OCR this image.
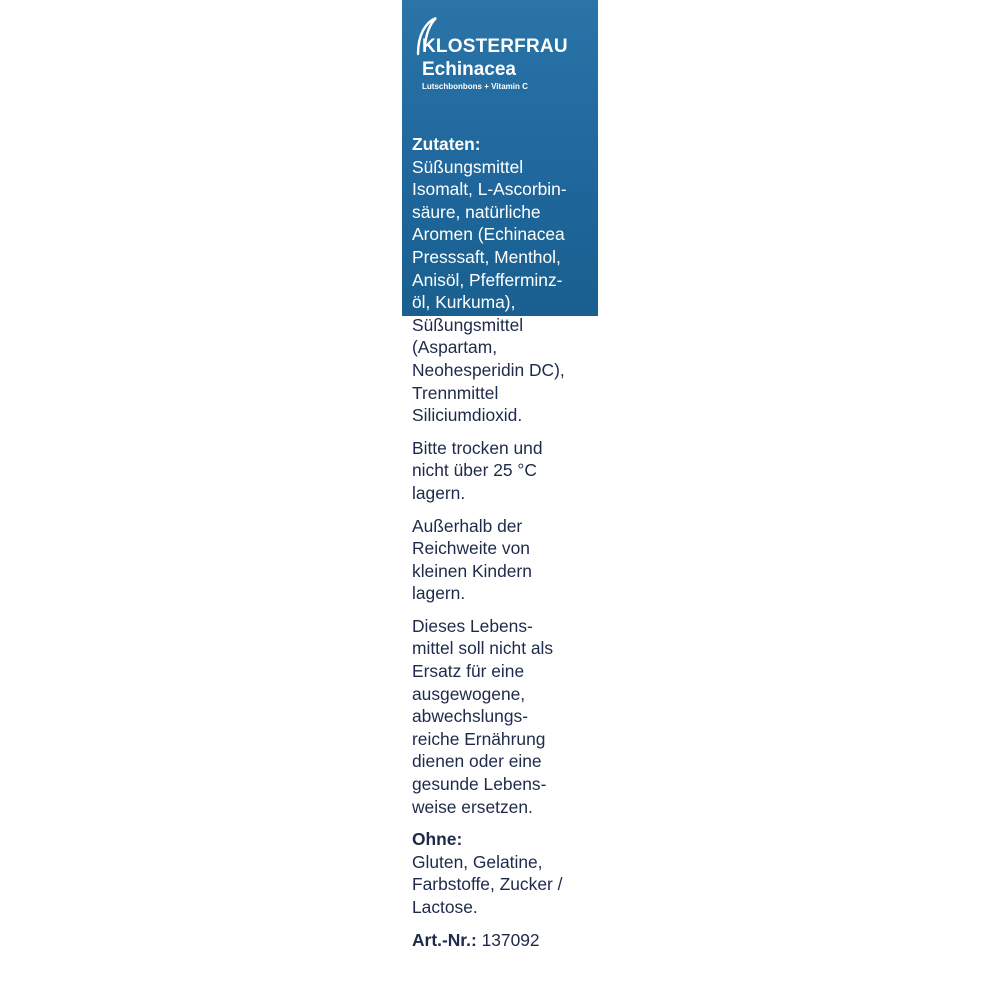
KLOSTERFRAU
Echinacea
Lutschbonbons + Vitamin C
Zutaten:
Süßungsmittel
Isomalt, L-Ascorbin-
säure, natürliche
Aromen (Echinacea
Presssaft, Menthol,
Anisöl, Pfefferminz-
öl, Kurkuma),
Süßungsmittel
(Aspartam,
Neohesperidin DC),
Trennmittel
Siliciumdioxid.
Bitte trocken und
nicht über 25 °C
lagern.
Außerhalb der
Reichweite von
kleinen Kindern
lagern.
Dieses Lebens-
mittel soll nicht als
Ersatz für eine
ausgewogene,
abwechslungs-
reiche Ernährung
dienen oder eine
gesunde Lebens-
weise ersetzen.
Ohne:
Gluten, Gelatine,
Farbstoffe, Zucker /
Lactose.
Art.-Nr.: 137092
